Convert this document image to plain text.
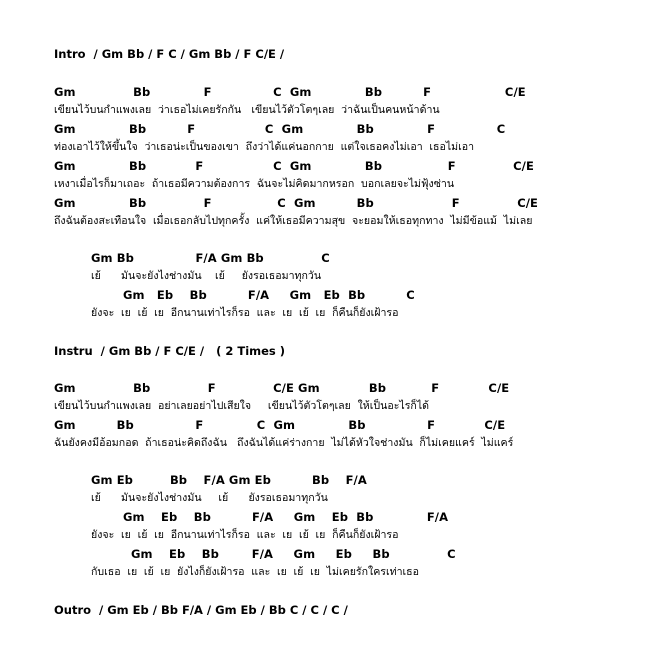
Intro  / Gm Bb / F C / Gm Bb / F C/E /
Gm              Bb             F               C  Gm             Bb          F                  C/E
เขียนไว้บนกำแพงเลย  ว่าเธอไม่เคยรักกัน   เขียนไว้ตัวโตๆเลย  ว่าฉันเป็นคนหน้าด้าน
Gm             Bb          F                 C  Gm             Bb             F               C
ท่องเอาไว้ให้ขึ้นใจ  ว่าเธอน่ะเป็นของเขา  ถึงว่าได้แค่นอกกาย  แต่ใจเธอคงไม่เอา  เธอไม่เอา
Gm             Bb            F                 C  Gm             Bb                F              C/E
เหงาเมื่อไรก็มาเถอะ  ถ้าเธอมีความต้องการ  ฉันจะไม่คิดมากหรอก  บอกเลยจะไม่ฟุ้งซ่าน
Gm             Bb              F                C  Gm          Bb                   F              C/E
ถึงฉันต้องสะเทือนใจ  เมื่อเธอกลับไปทุกครั้ง  แค่ให้เธอมีความสุข  จะยอมให้เธอทุกทาง  ไม่มีข้อแม้  ไม่เลย
Gm Bb               F/A Gm Bb              C
เย้      มันจะยังไงช่างมัน    เย้     ยังรอเธอมาทุกวัน
Gm   Eb    Bb          F/A     Gm   Eb  Bb          C
ยังจะ  เย  เย้  เย  อีกนานเท่าไรก็รอ  และ  เย  เย้  เย  ก็คืนก็ยังเฝ้ารอ
Instru  / Gm Bb / F C/E /   ( 2 Times )
Gm              Bb              F              C/E Gm            Bb           F            C/E
เขียนไว้บนกำแพงเลย  อย่าเลยอย่าไปเสียใจ     เขียนไว้ตัวโตๆเลย  ให้เป็นอะไรก็ได้
Gm          Bb               F             C  Gm             Bb               F            C/E
ฉันยังคงมีอ้อมกอด  ถ้าเธอน่ะคิดถึงฉัน   ถึงฉันได้แค่ร่างกาย  ไม่ได้หัวใจช่างมัน  ก็ไม่เคยแคร์  ไม่แคร์
Gm Eb         Bb    F/A Gm Eb          Bb    F/A
เย้      มันจะยังไงช่างมัน     เย้      ยังรอเธอมาทุกวัน
Gm    Eb    Bb          F/A     Gm    Eb  Bb             F/A
ยังจะ  เย  เย้  เย  อีกนานเท่าไรก็รอ  และ  เย  เย้  เย  ก็คืนก็ยังเฝ้ารอ
Gm    Eb    Bb        F/A     Gm     Eb     Bb              C
กับเธอ  เย  เย้  เย  ยังไงก็ยังเฝ้ารอ  และ  เย  เย้  เย  ไม่เคยรักใครเท่าเธอ
Outro  / Gm Eb / Bb F/A / Gm Eb / Bb C / C / C /
